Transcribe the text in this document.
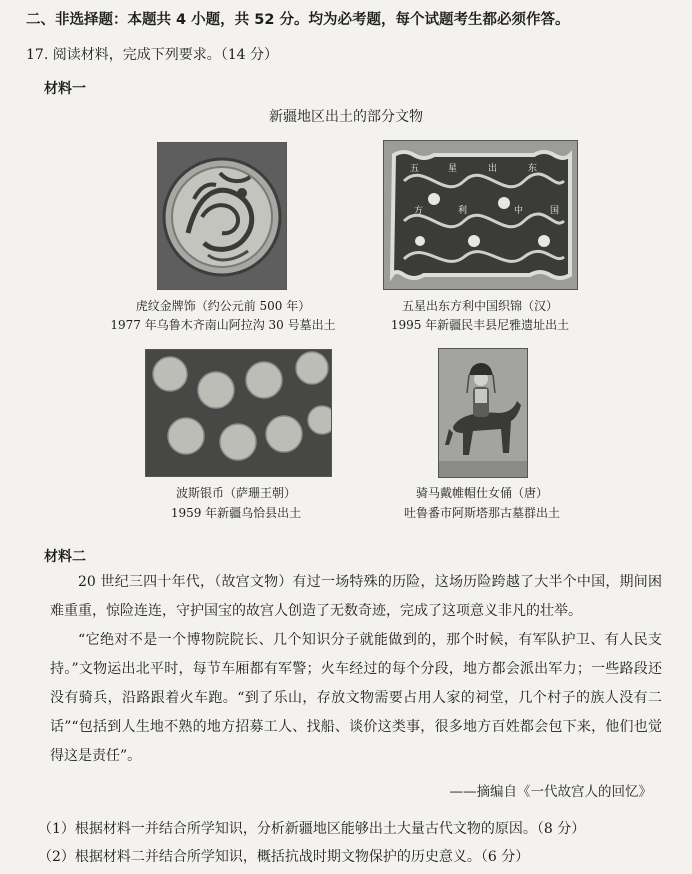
二、非选择题：本题共 4 小题，共 52 分。均为必考题，每个试题考生都必须作答。
17. 阅读材料，完成下列要求。（14 分）
材料一
新疆地区出土的部分文物
虎纹金牌饰（约公元前 500 年）
1977 年乌鲁木齐南山阿拉沟 30 号墓出土
五	星	出	东
方	利	中	国
五星出东方利中国织锦（汉）
1995 年新疆民丰县尼雅遗址出土
波斯银币（萨珊王朝）
1959 年新疆乌恰县出土
骑马戴帷帽仕女俑（唐）
吐鲁番市阿斯塔那古墓群出土
材料二
20 世纪三四十年代，（故宫文物）有过一场特殊的历险，这场历险跨越了大半个中国，期间困难重重，惊险连连，守护国宝的故宫人创造了无数奇迹，完成了这项意义非凡的壮举。
“它绝对不是一个博物院院长、几个知识分子就能做到的，那个时候，有军队护卫、有人民支持。”文物运出北平时，每节车厢都有军警；火车经过的每个分段，地方都会派出军力；一些路段还没有骑兵，沿路跟着火车跑。“到了乐山，存放文物需要占用人家的祠堂，几个村子的族人没有二话”“包括到人生地不熟的地方招募工人、找船、谈价这类事，很多地方百姓都会包下来，他们也觉得这是责任”。
——摘编自《一代故宫人的回忆》
（1）根据材料一并结合所学知识，分析新疆地区能够出土大量古代文物的原因。（8 分）
（2）根据材料二并结合所学知识，概括抗战时期文物保护的历史意义。（6 分）
